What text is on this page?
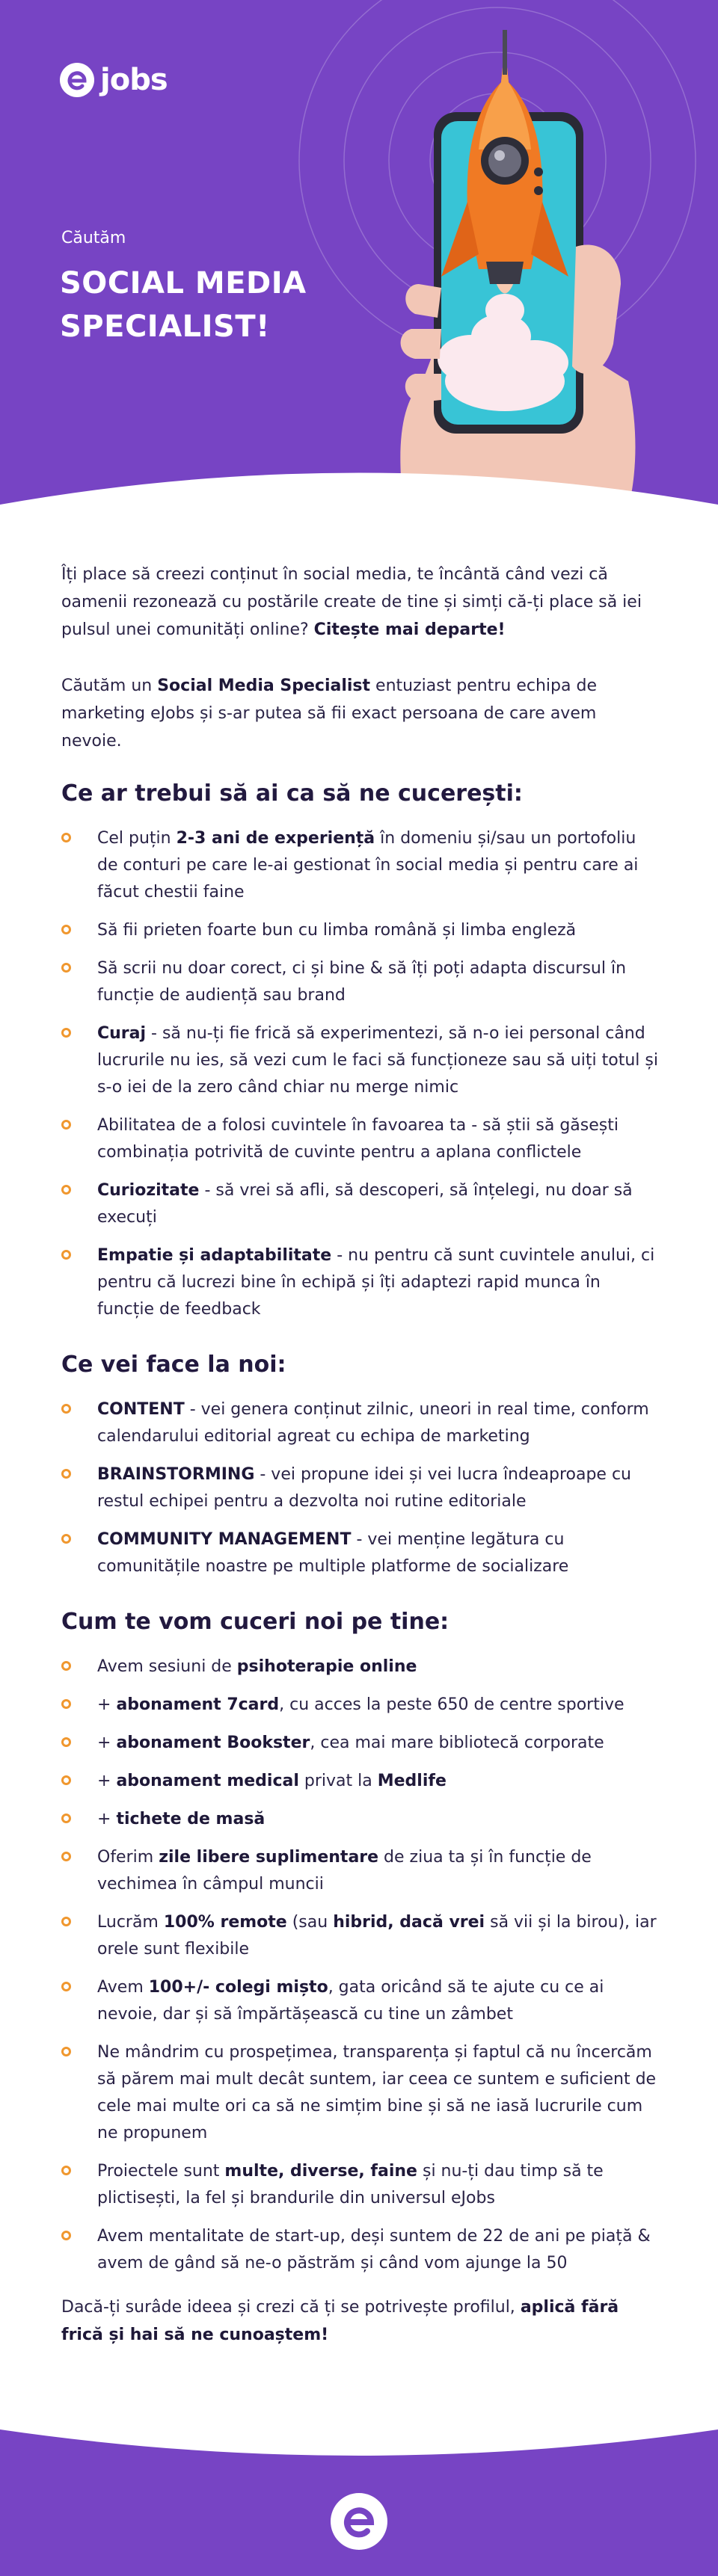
jobs
Căutăm
SOCIAL MEDIA
SPECIALIST!

Îți place să creezi conținut în social media, te încântă când vezi că oamenii rezonează cu postările create de tine și simți că-ți place să iei pulsul unei comunități online? Citește mai departe!

Căutăm un Social Media Specialist entuziast pentru echipa de marketing eJobs și s-ar putea să fii exact persoana de care avem nevoie.

Ce ar trebui să ai ca să ne cucerești:
Cel puțin 2-3 ani de experiență în domeniu și/sau un portofoliu de conturi pe care le-ai gestionat în social media și pentru care ai făcut chestii faine
Să fii prieten foarte bun cu limba română și limba engleză
Să scrii nu doar corect, ci și bine & să îți poți adapta discursul în funcție de audiență sau brand
Curaj - să nu-ți fie frică să experimentezi, să n-o iei personal când lucrurile nu ies, să vezi cum le faci să funcționeze sau să uiți totul și s-o iei de la zero când chiar nu merge nimic
Abilitatea de a folosi cuvintele în favoarea ta - să știi să găsești combinația potrivită de cuvinte pentru a aplana conflictele
Curiozitate - să vrei să afli, să descoperi, să înțelegi, nu doar să execuți
Empatie și adaptabilitate - nu pentru că sunt cuvintele anului, ci pentru că lucrezi bine în echipă și îți adaptezi rapid munca în funcție de feedback
Ce vei face la noi:
CONTENT - vei genera conținut zilnic, uneori in real time, conform calendarului editorial agreat cu echipa de marketing
BRAINSTORMING - vei propune idei și vei lucra îndeaproape cu restul echipei pentru a dezvolta noi rutine editoriale
COMMUNITY MANAGEMENT - vei menține legătura cu comunitățile noastre pe multiple platforme de socializare
Cum te vom cuceri noi pe tine:
Avem sesiuni de psihoterapie online
+ abonament 7card, cu acces la peste 650 de centre sportive
+ abonament Bookster, cea mai mare bibliotecă corporate
+ abonament medical privat la Medlife
+ tichete de masă
Oferim zile libere suplimentare de ziua ta și în funcție de vechimea în câmpul muncii
Lucrăm 100% remote (sau hibrid, dacă vrei să vii și la birou), iar orele sunt flexibile
Avem 100+/- colegi mișto, gata oricând să te ajute cu ce ai nevoie, dar și să împărtășească cu tine un zâmbet
Ne mândrim cu prospețimea, transparența și faptul că nu încercăm să părem mai mult decât suntem, iar ceea ce suntem e suficient de cele mai multe ori ca să ne simțim bine și să ne iasă lucrurile cum ne propunem
Proiectele sunt multe, diverse, faine și nu-ți dau timp să te plictisești, la fel și brandurile din universul eJobs
Avem mentalitate de start-up, deși suntem de 22 de ani pe piață & avem de gând să ne-o păstrăm și când vom ajunge la 50

Dacă-ți surâde ideea și crezi că ți se potrivește profilul, aplică fără frică și hai să ne cunoaștem!
